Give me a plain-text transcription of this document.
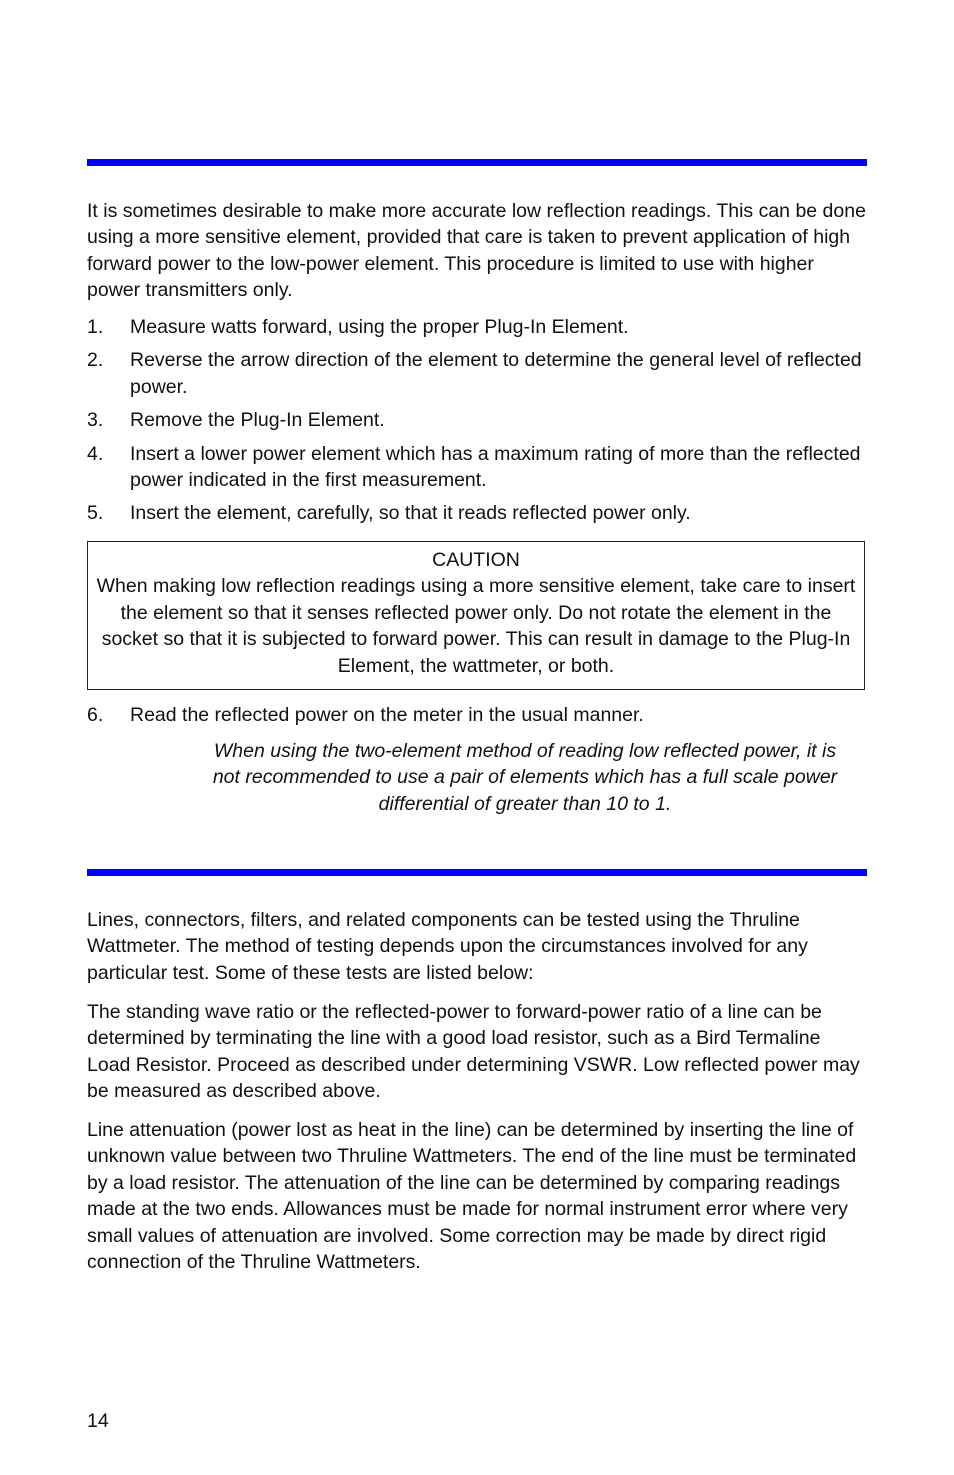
It is sometimes desirable to make more accurate low reflection readings. This can be done using a more sensitive element, provided that care is taken to prevent application of high forward power to the low-power element. This procedure is limited to use with higher power transmitters only.

1. Measure watts forward, using the proper Plug-In Element.
2. Reverse the arrow direction of the element to determine the general level of reflected power.
3. Remove the Plug-In Element.
4. Insert a lower power element which has a maximum rating of more than the reflected power indicated in the first measurement.
5. Insert the element, carefully, so that it reads reflected power only.
CAUTION
When making low reflection readings using a more sensitive element, take care to insert the element so that it senses reflected power only. Do not rotate the element in the socket so that it is subjected to forward power. This can result in damage to the Plug-In Element, the wattmeter, or both.
6. Read the reflected power on the meter in the usual manner.

When using the two-element method of reading low reflected power, it is not recommended to use a pair of elements which has a full scale power differential of greater than 10 to 1.

Lines, connectors, filters, and related components can be tested using the Thruline Wattmeter. The method of testing depends upon the circumstances involved for any particular test. Some of these tests are listed below:

The standing wave ratio or the reflected-power to forward-power ratio of a line can be determined by terminating the line with a good load resistor, such as a Bird Termaline Load Resistor. Proceed as described under determining VSWR. Low reflected power may be measured as described above.

Line attenuation (power lost as heat in the line) can be determined by inserting the line of unknown value between two Thruline Wattmeters. The end of the line must be terminated by a load resistor. The attenuation of the line can be determined by comparing readings made at the two ends. Allowances must be made for normal instrument error where very small values of attenuation are involved. Some correction may be made by direct rigid connection of the Thruline Wattmeters.

14
